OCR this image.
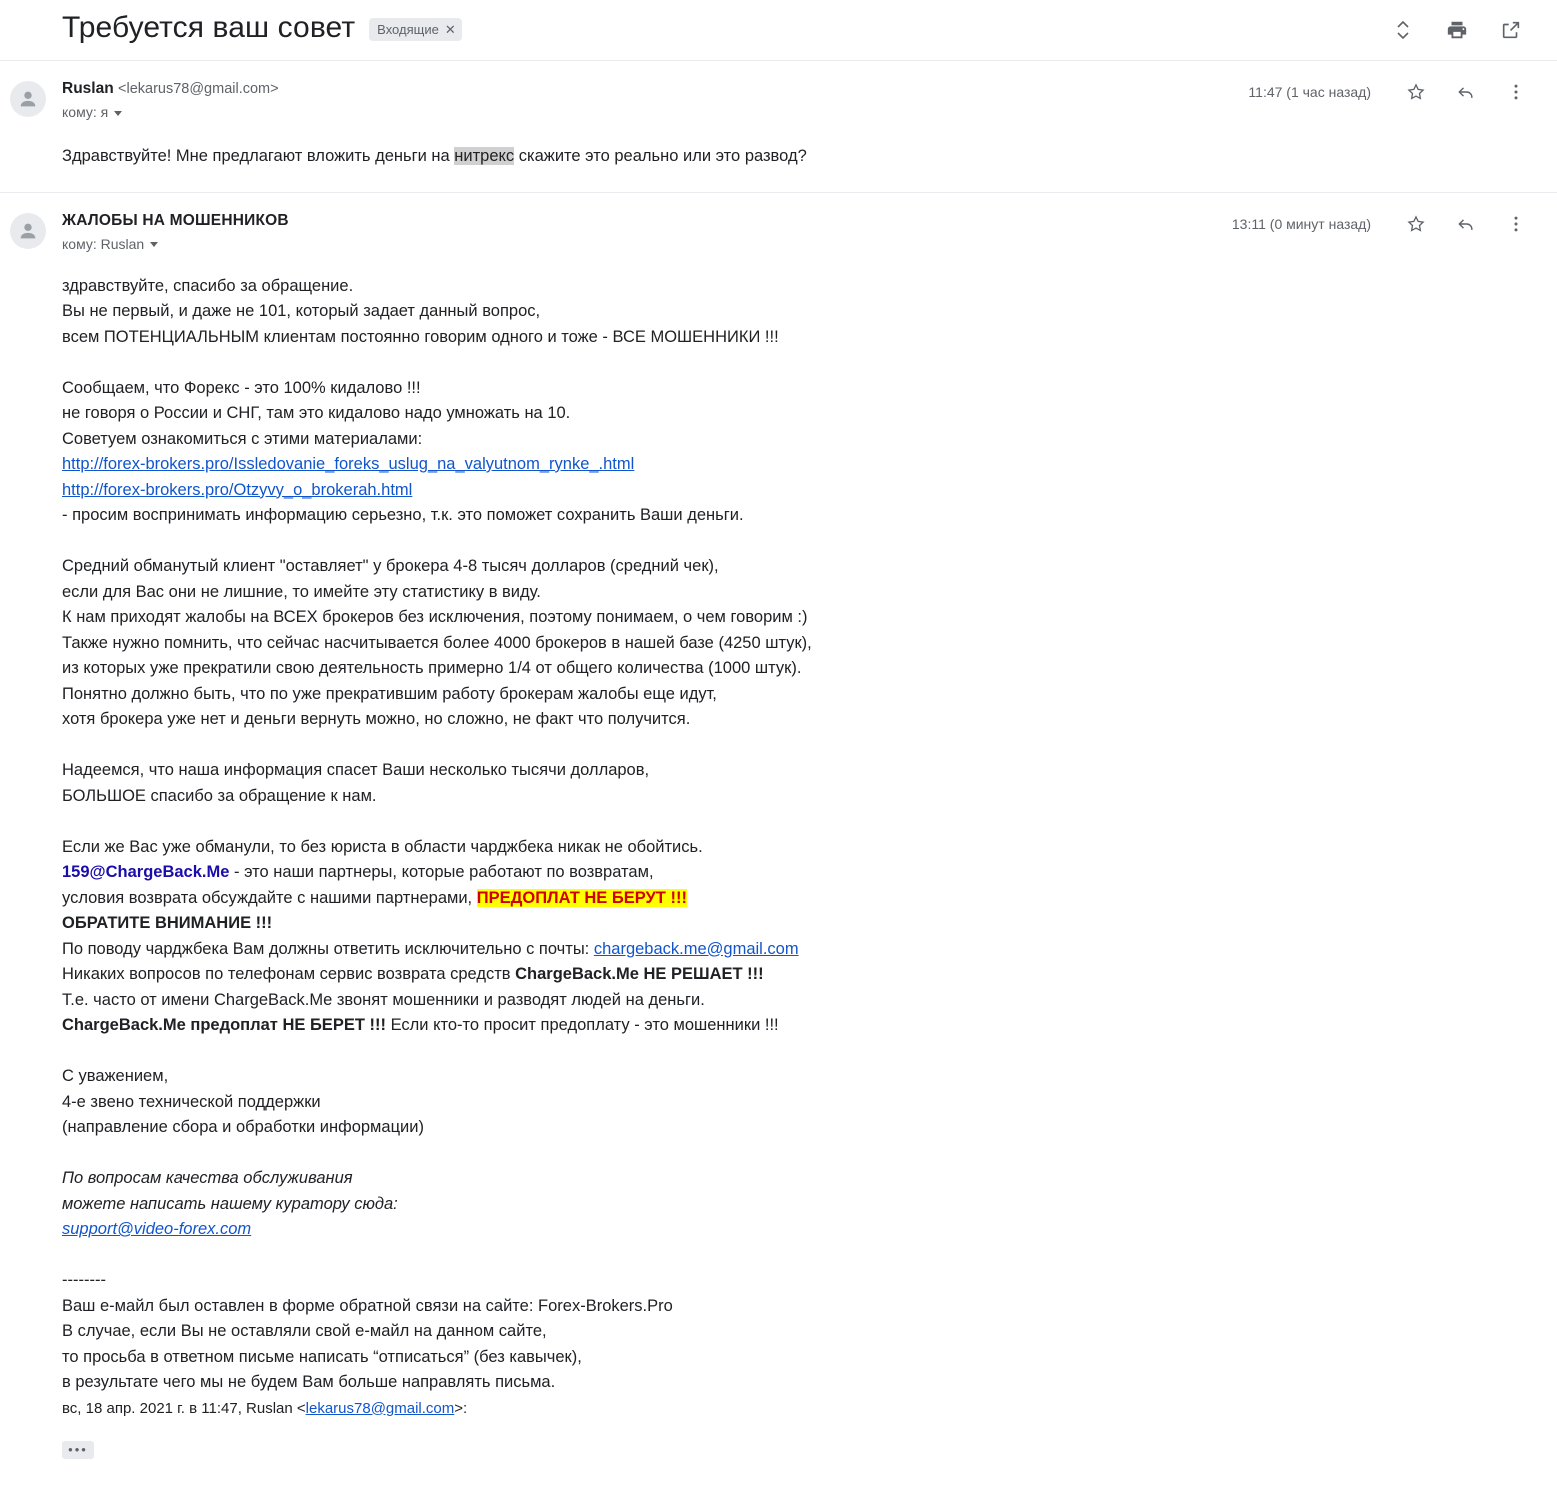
Требуется ваш совет Входящие ✕
Ruslan <lekarus78@gmail.com>
кому: я
11:47 (1 час назад)

Здравствуйте! Мне предлагают вложить деньги на нитрекс скажите это реально или это развод?

ЖАЛОБЫ НА МОШЕННИКОВ
кому: Ruslan
13:11 (0 минут назад)

здравствуйте, спасибо за обращение.

Вы не первый, и даже не 101, который задает данный вопрос,

всем ПОТЕНЦИАЛЬНЫМ клиентам постоянно говорим одного и тоже - ВСЕ МОШЕННИКИ !!!

Сообщаем, что Форекс - это 100% кидалово !!!

не говоря о России и СНГ, там это кидалово надо умножать на 10.

Советуем ознакомиться с этими материалами:

http://forex-brokers.pro/Issledovanie_foreks_uslug_na_valyutnom_rynke_.html

http://forex-brokers.pro/Otzyvy_o_brokerah.html

- просим воспринимать информацию серьезно, т.к. это поможет сохранить Ваши деньги.

Средний обманутый клиент "оставляет" у брокера 4-8 тысяч долларов (средний чек),

если для Вас они не лишние, то имейте эту статистику в виду.

К нам приходят жалобы на ВСЕХ брокеров без исключения, поэтому понимаем, о чем говорим :)

Также нужно помнить, что сейчас насчитывается более 4000 брокеров в нашей базе (4250 штук),

из которых уже прекратили свою деятельность примерно 1/4 от общего количества (1000 штук).

Понятно должно быть, что по уже прекратившим работу брокерам жалобы еще идут,

хотя брокера уже нет и деньги вернуть можно, но сложно, не факт что получится.

Надеемся, что наша информация спасет Ваши несколько тысячи долларов,

БОЛЬШОЕ спасибо за обращение к нам.

Если же Вас уже обманули, то без юриста в области чарджбека никак не обойтись.

159@ChargeBack.Me - это наши партнеры, которые работают по возвратам,

условия возврата обсуждайте с нашими партнерами, ПРЕДОПЛАТ НЕ БЕРУТ !!!

ОБРАТИТЕ ВНИМАНИЕ !!!

По поводу чарджбека Вам должны ответить исключительно с почты: chargeback.me@gmail.com

Никаких вопросов по телефонам сервис возврата средств ChargeBack.Me НЕ РЕШАЕТ !!!

Т.е. часто от имени ChargeBack.Me звонят мошенники и разводят людей на деньги.

ChargeBack.Me предоплат НЕ БЕРЕТ !!! Если кто-то просит предоплату - это мошенники !!!

С уважением,

4-е звено технической поддержки

(направление сбора и обработки информации)

По вопросам качества обслуживания

можете написать нашему куратору сюда:

support@video-forex.com

--------

Ваш е-майл был оставлен в форме обратной связи на сайте: Forex-Brokers.Pro

В случае, если Вы не оставляли свой е-майл на данном сайте,

то просьба в ответном письме написать “отписаться” (без кавычек),

в результате чего мы не будем Вам больше направлять письма.

вс, 18 апр. 2021 г. в 11:47, Ruslan <lekarus78@gmail.com>:

•••
